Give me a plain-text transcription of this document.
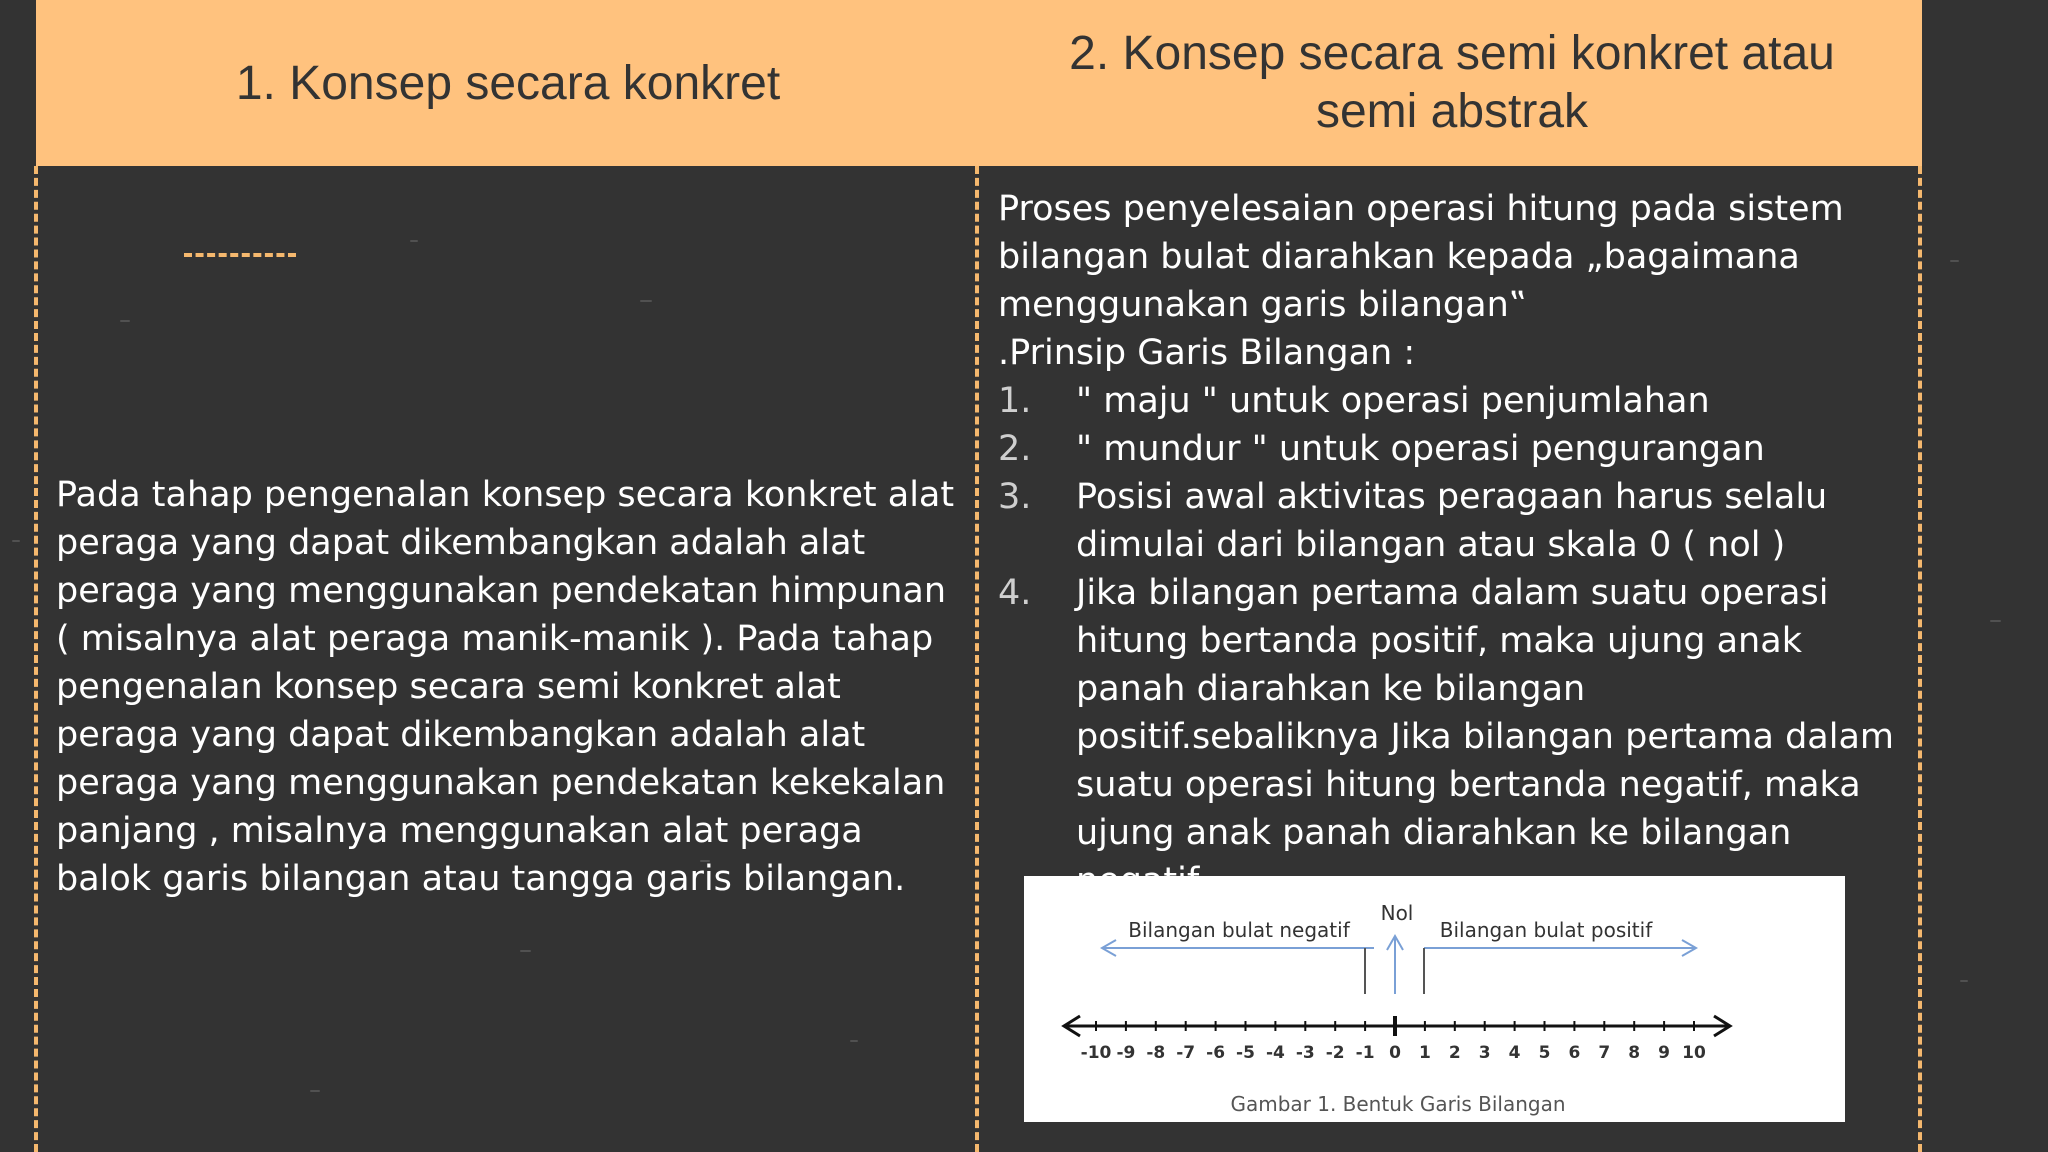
1. Konsep secara konkret
2. Konsep secara semi konkret atau
semi abstrak
Pada tahap pengenalan konsep secara konkret alat peraga yang dapat dikembangkan adalah alat peraga yang menggunakan pendekatan himpunan ( misalnya alat peraga manik-manik ). Pada tahap pengenalan konsep secara semi konkret alat peraga yang dapat dikembangkan adalah alat peraga yang menggunakan pendekatan kekekalan panjang , misalnya menggunakan alat peraga balok garis bilangan atau tangga garis bilangan.

Proses penyelesaian operasi hitung pada sistem bilangan bulat diarahkan kepada „bagaimana menggunakan garis bilangan‟

.Prinsip Garis Bilangan :

1. " maju " untuk operasi penjumlahan
2. " mundur " untuk operasi pengurangan
3. Posisi awal aktivitas peragaan harus selalu dimulai dari bilangan atau skala 0 ( nol )
4. Jika bilangan pertama dalam suatu operasi hitung bertanda positif, maka ujung anak panah diarahkan ke bilangan positif.sebaliknya Jika bilangan pertama dalam suatu operasi hitung bertanda negatif, maka ujung anak panah diarahkan ke bilangan
Bilangan bulat negatif
Nol
Bilangan bulat positif
-10 -9 -8 -7 -6 -5 -4 -3 -2 -1 0 1 2 3 4 5 6 7 8 9 10
Gambar 1. Bentuk Garis Bilangan
